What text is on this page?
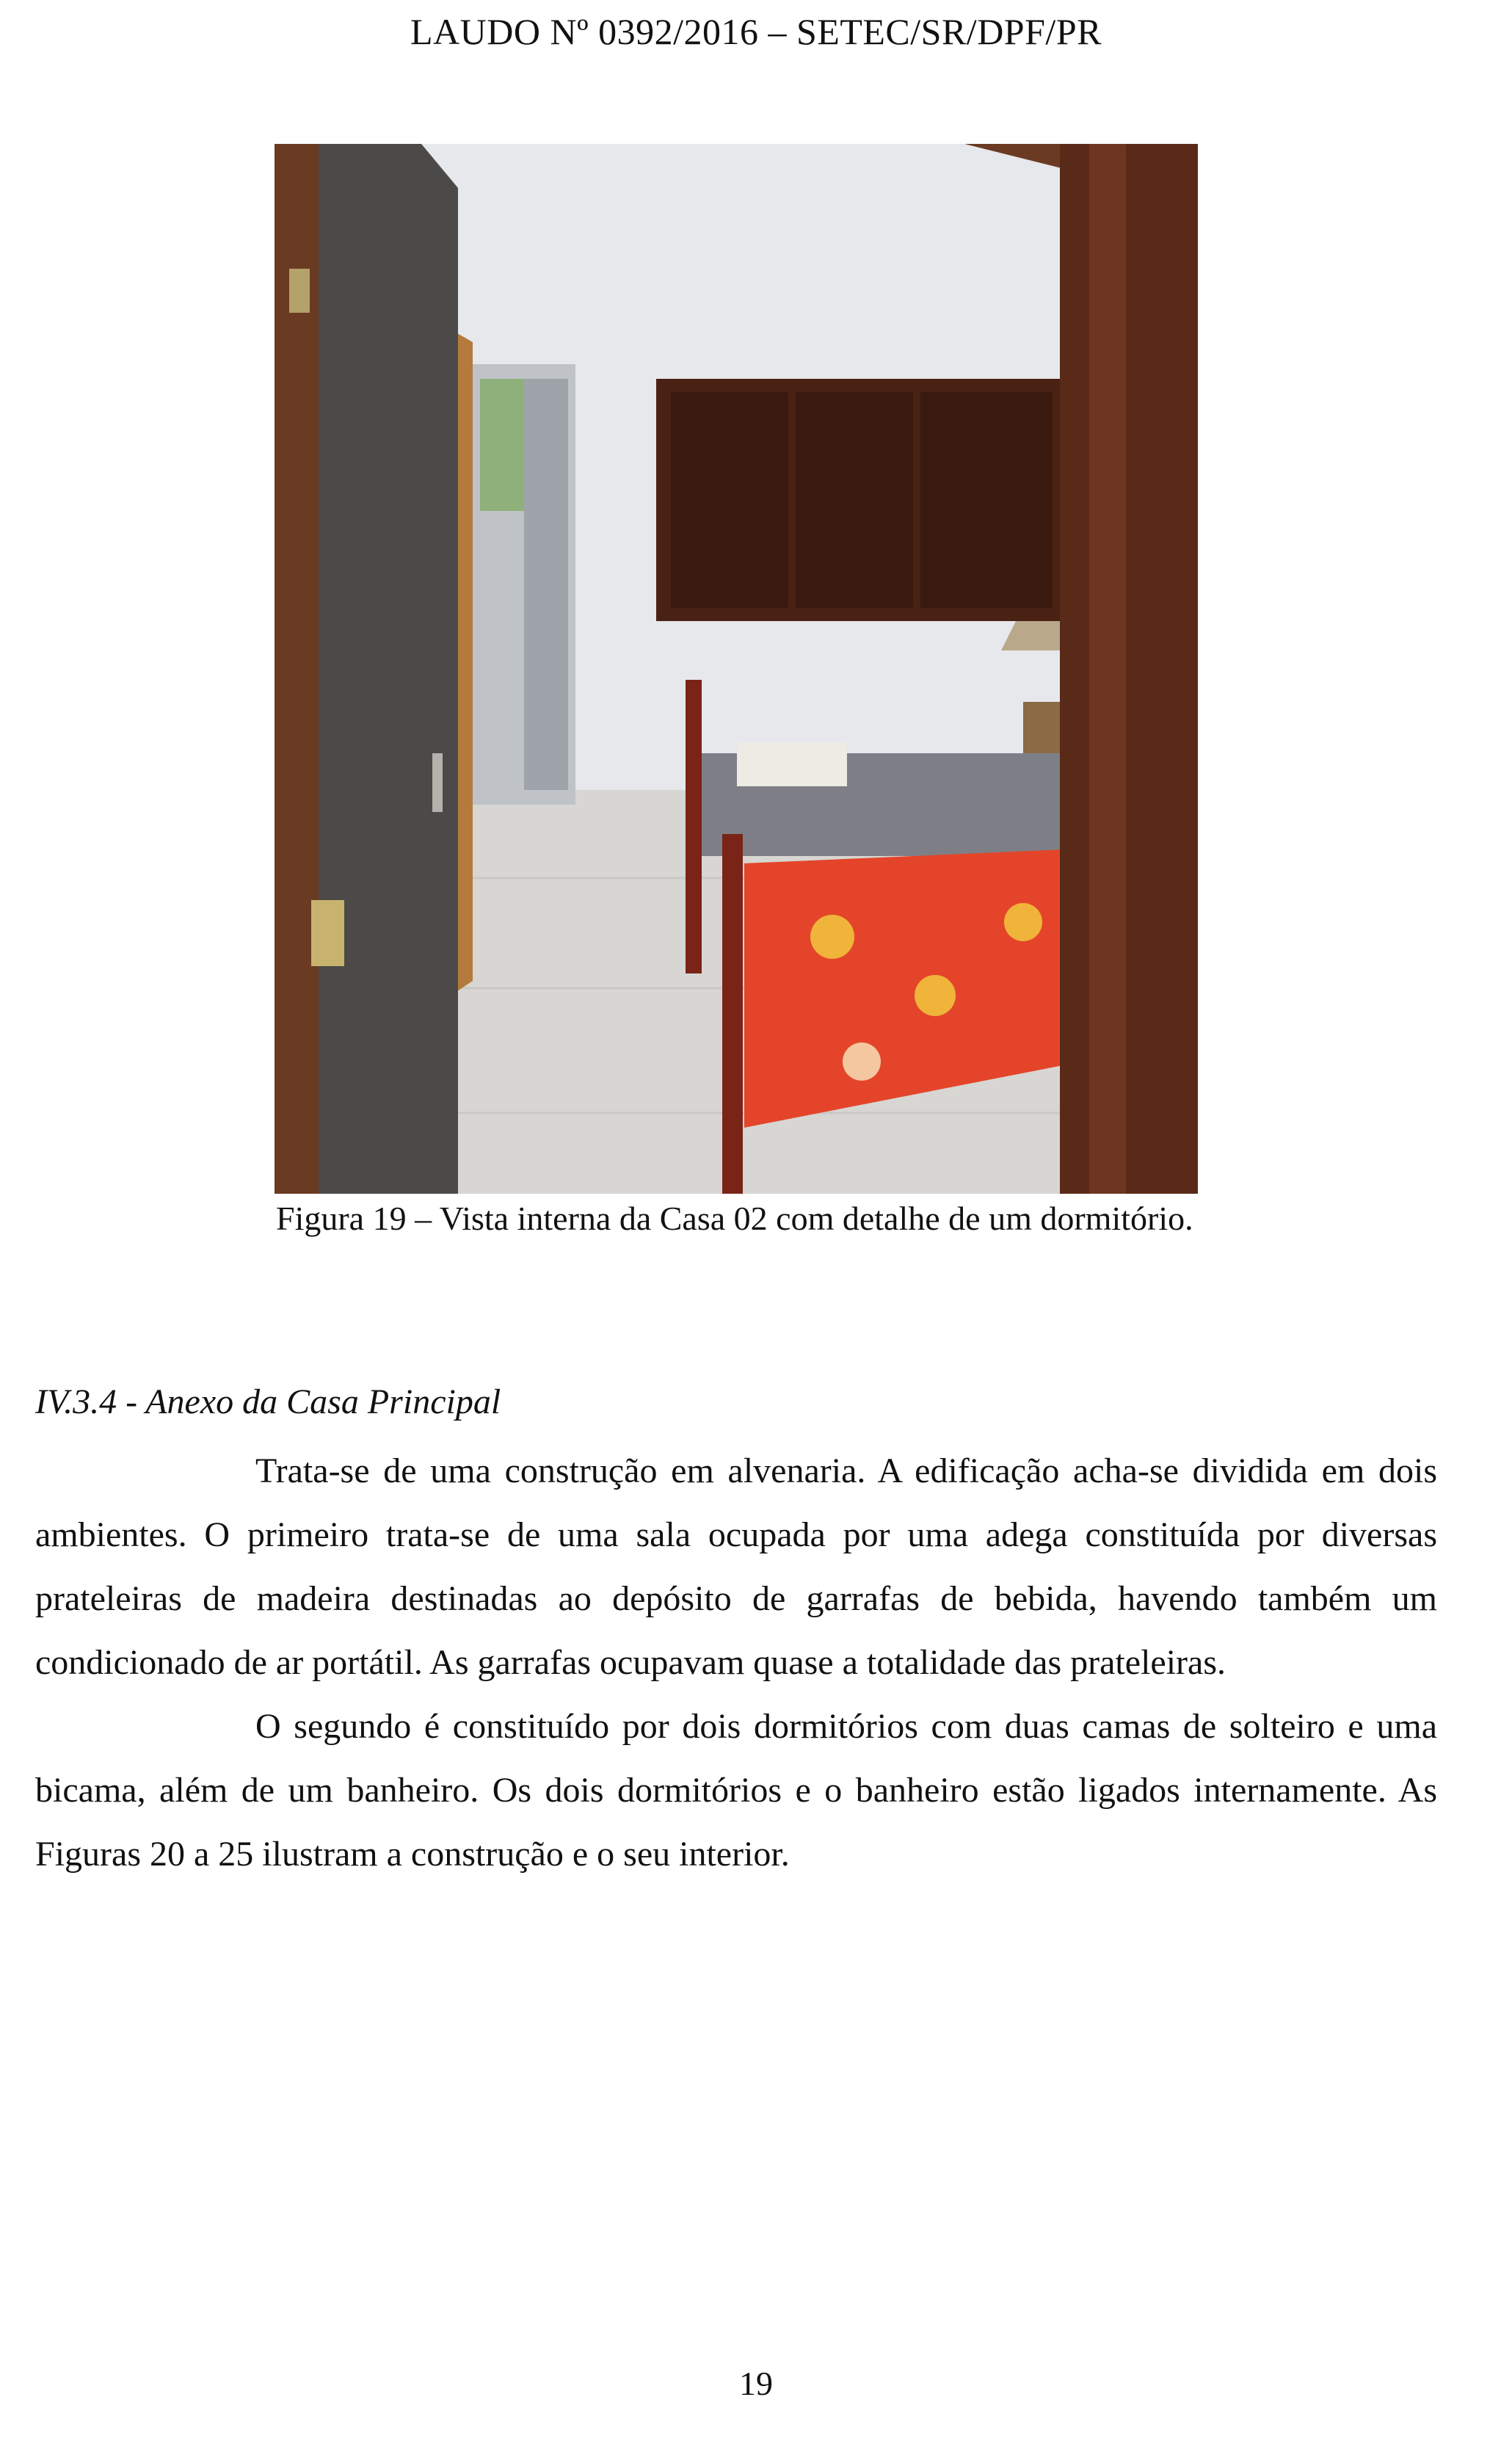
LAUDO Nº 0392/2016 – SETEC/SR/DPF/PR
Figura 19 – Vista interna da Casa 02 com detalhe de um dormitório.
IV.3.4 - Anexo da Casa Principal

Trata-se de uma construção em alvenaria. A edificação acha-se dividida em dois ambientes. O primeiro trata-se de uma sala ocupada por uma adega constituída por diversas prateleiras de madeira destinadas ao depósito de garrafas de bebida, havendo também um condicionado de ar portátil. As garrafas ocupavam quase a totalidade das prateleiras.

O segundo é constituído por dois dormitórios com duas camas de solteiro e uma bicama, além de um banheiro. Os dois dormitórios e o banheiro estão ligados internamente. As Figuras 20 a 25 ilustram a construção e o seu interior.

19
